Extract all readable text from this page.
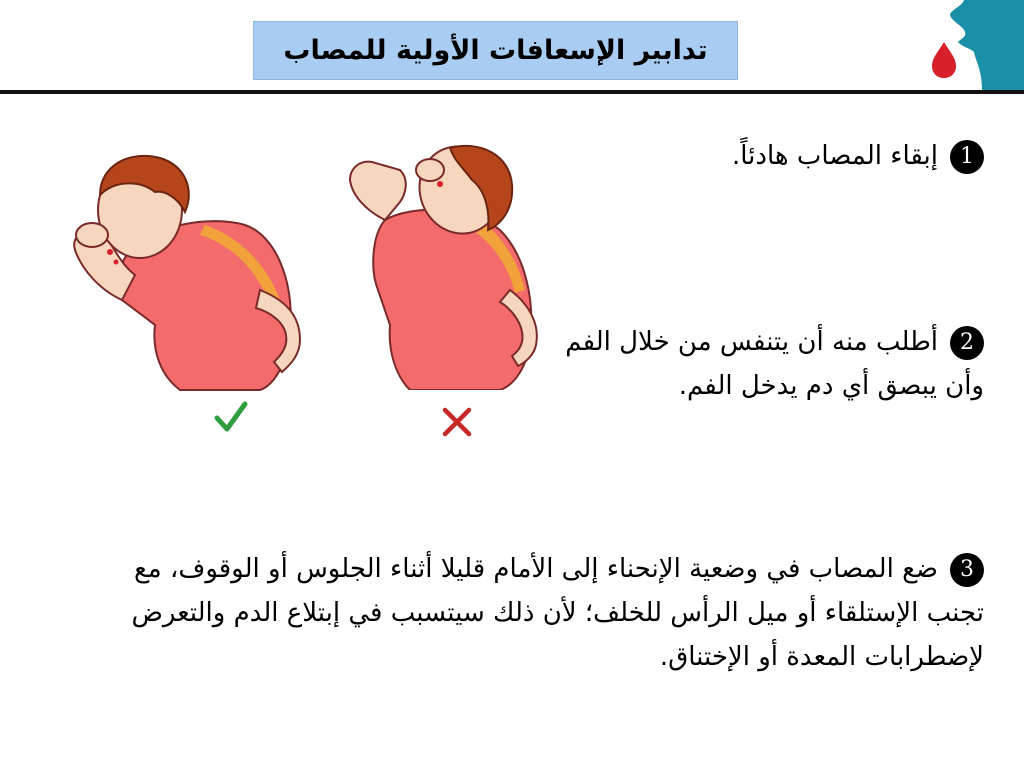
تدابير الإسعافات الأولية للمصاب
1إبقاء المصاب هادئاً.
2أطلب منه أن يتنفس من خلال الفم وأن يبصق أي دم يدخل الفم.
3ضع المصاب في وضعية الإنحناء إلى الأمام قليلا أثناء الجلوس أو الوقوف، مع تجنب الإستلقاء أو ميل الرأس للخلف؛ لأن ذلك سيتسبب في إبتلاع الدم والتعرض لإضطرابات المعدة أو الإختناق.
